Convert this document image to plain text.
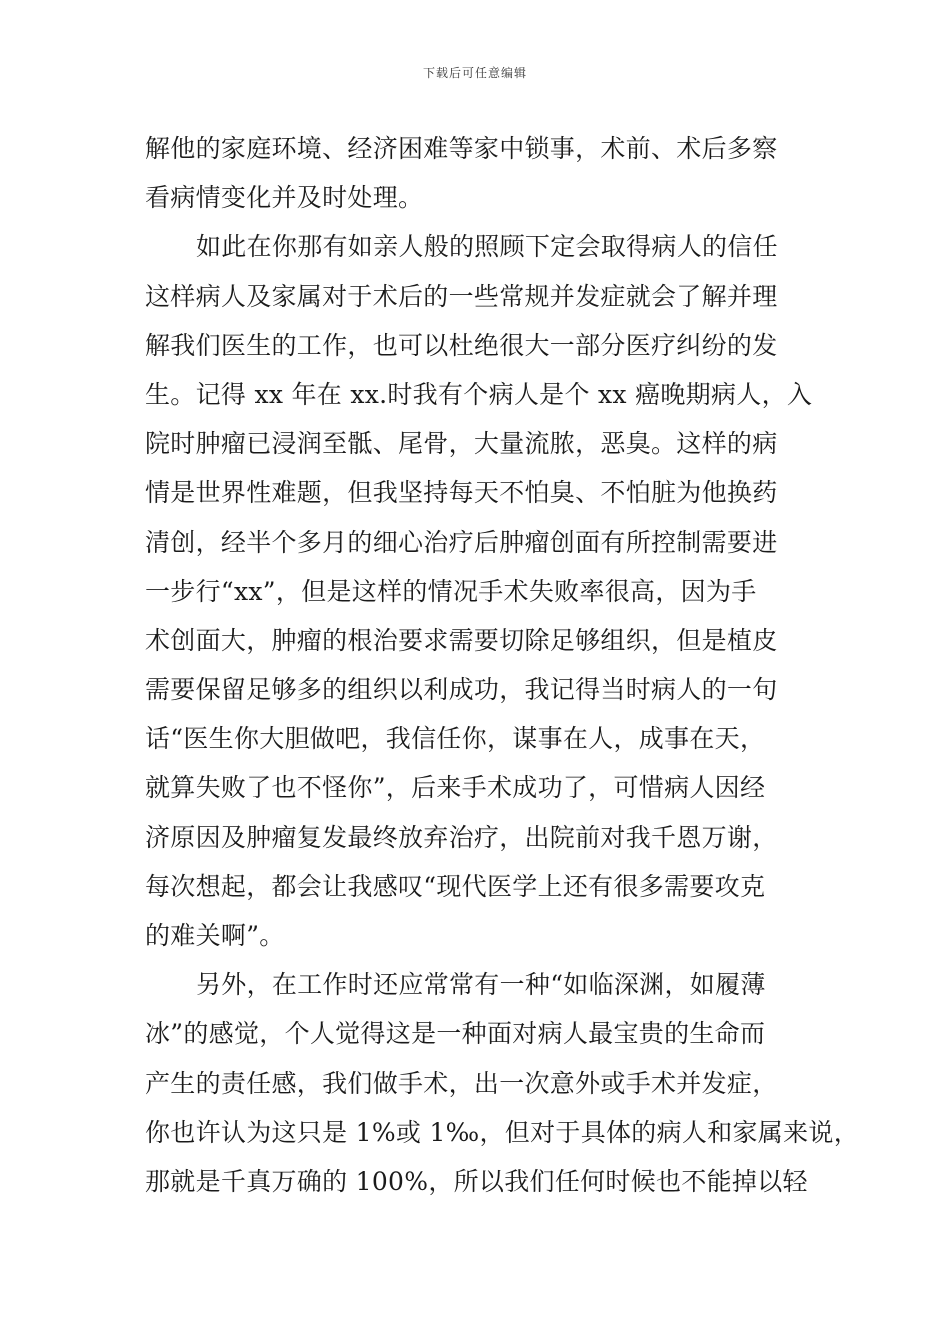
下载后可任意编辑
解他的家庭环境、经济困难等家中锁事，术前、术后多察
看病情变化并及时处理。
如此在你那有如亲人般的照顾下定会取得病人的信任
这样病人及家属对于术后的一些常规并发症就会了解并理
解我们医生的工作，也可以杜绝很大一部分医疗纠纷的发
生。记得 xx 年在 xx.时我有个病人是个 xx 癌晚期病人，入
院时肿瘤已浸润至骶、尾骨，大量流脓，恶臭。这样的病
情是世界性难题，但我坚持每天不怕臭、不怕脏为他换药
清创，经半个多月的细心治疗后肿瘤创面有所控制需要进
一步行“xx”，但是这样的情况手术失败率很高，因为手
术创面大，肿瘤的根治要求需要切除足够组织，但是植皮
需要保留足够多的组织以利成功，我记得当时病人的一句
话“医生你大胆做吧，我信任你，谋事在人，成事在天，
就算失败了也不怪你”，后来手术成功了，可惜病人因经
济原因及肿瘤复发最终放弃治疗，出院前对我千恩万谢，
每次想起，都会让我感叹“现代医学上还有很多需要攻克
的难关啊”。
另外，在工作时还应常常有一种“如临深渊，如履薄
冰”的感觉，个人觉得这是一种面对病人最宝贵的生命而
产生的责任感，我们做手术，出一次意外或手术并发症，
你也许认为这只是 1%或 1‰，但对于具体的病人和家属来说，
那就是千真万确的 100%，所以我们任何时候也不能掉以轻
